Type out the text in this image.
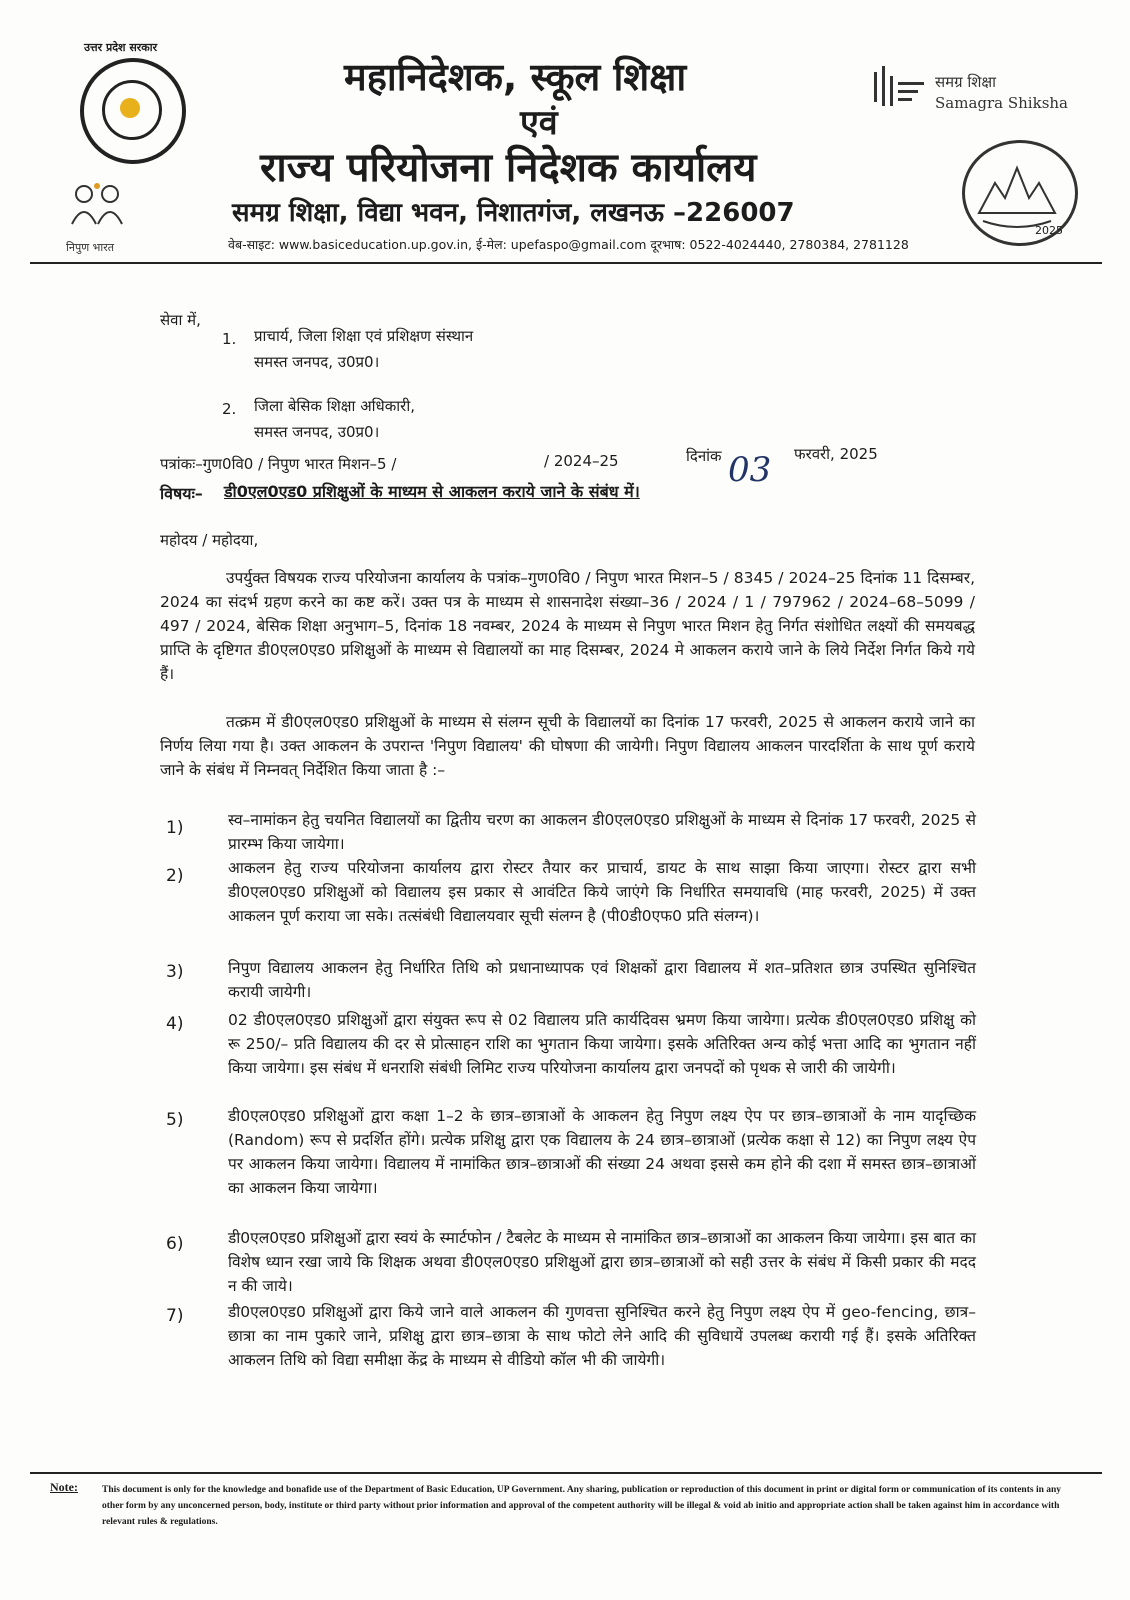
उत्तर प्रदेश सरकार
निपुण भारत
समग्र शिक्षा
Samagra Shiksha
2025
महानिदेशक, स्कूल शिक्षा
एवं
राज्य परियोजना निदेशक कार्यालय
समग्र शिक्षा, विद्या भवन, निशातगंज, लखनऊ –226007
वेब-साइट: www.basiceducation.up.gov.in, ई-मेल: upefaspo@gmail.com दूरभाष: 0522-4024440, 2780384, 2781128
सेवा में,
1. प्राचार्य, जिला शिक्षा एवं प्रशिक्षण संस्थान
समस्त जनपद, उ0प्र0।
2. जिला बेसिक शिक्षा अधिकारी,
समस्त जनपद, उ0प्र0।
पत्रांकः–गुण0वि0 / निपुण भारत मिशन–5 /	/ 2024–25	दिनांक 03 फरवरी, 2025
विषयः– डी0एल0एड0 प्रशिक्षुओं के माध्यम से आकलन कराये जाने के संबंध में।
महोदय / महोदया,
उपर्युक्त विषयक राज्य परियोजना कार्यालय के पत्रांक–गुण0वि0 / निपुण भारत मिशन–5 / 8345 / 2024–25 दिनांक 11 दिसम्बर, 2024 का संदर्भ ग्रहण करने का कष्ट करें। उक्त पत्र के माध्यम से शासनादेश संख्या–36 / 2024 / 1 / 797962 / 2024–68–5099 / 497 / 2024, बेसिक शिक्षा अनुभाग–5, दिनांक 18 नवम्बर, 2024 के माध्यम से निपुण भारत मिशन हेतु निर्गत संशोधित लक्ष्यों की समयबद्ध प्राप्ति के दृष्टिगत डी0एल0एड0 प्रशिक्षुओं के माध्यम से विद्यालयों का माह दिसम्बर, 2024 मे आकलन कराये जाने के लिये निर्देश निर्गत किये गये हैं।
तत्क्रम में डी0एल0एड0 प्रशिक्षुओं के माध्यम से संलग्न सूची के विद्यालयों का दिनांक 17 फरवरी, 2025 से आकलन कराये जाने का निर्णय लिया गया है। उक्त आकलन के उपरान्त 'निपुण विद्यालय' की घोषणा की जायेगी। निपुण विद्यालय आकलन पारदर्शिता के साथ पूर्ण कराये जाने के संबंध में निम्नवत् निर्देशित किया जाता है :–
1)	स्व–नामांकन हेतु चयनित विद्यालयों का द्वितीय चरण का आकलन डी0एल0एड0 प्रशिक्षुओं के माध्यम से दिनांक 17 फरवरी, 2025 से प्रारम्भ किया जायेगा।
2)	आकलन हेतु राज्य परियोजना कार्यालय द्वारा रोस्टर तैयार कर प्राचार्य, डायट के साथ साझा किया जाएगा। रोस्टर द्वारा सभी डी0एल0एड0 प्रशिक्षुओं को विद्यालय इस प्रकार से आवंटित किये जाएंगे कि निर्धारित समयावधि (माह फरवरी, 2025) में उक्त आकलन पूर्ण कराया जा सके। तत्संबंधी विद्यालयवार सूची संलग्न है (पी0डी0एफ0 प्रति संलग्न)।
3)	निपुण विद्यालय आकलन हेतु निर्धारित तिथि को प्रधानाध्यापक एवं शिक्षकों द्वारा विद्यालय में शत–प्रतिशत छात्र उपस्थित सुनिश्चित करायी जायेगी।
4)	02 डी0एल0एड0 प्रशिक्षुओं द्वारा संयुक्त रूप से 02 विद्यालय प्रति कार्यदिवस भ्रमण किया जायेगा। प्रत्येक डी0एल0एड0 प्रशिक्षु को रू 250/– प्रति विद्यालय की दर से प्रोत्साहन राशि का भुगतान किया जायेगा। इसके अतिरिक्त अन्य कोई भत्ता आदि का भुगतान नहीं किया जायेगा। इस संबंध में धनराशि संबंधी लिमिट राज्य परियोजना कार्यालय द्वारा जनपदों को पृथक से जारी की जायेगी।
5)	डी0एल0एड0 प्रशिक्षुओं द्वारा कक्षा 1–2 के छात्र–छात्राओं के आकलन हेतु निपुण लक्ष्य ऐप पर छात्र–छात्राओं के नाम यादृच्छिक (Random) रूप से प्रदर्शित होंगे। प्रत्येक प्रशिक्षु द्वारा एक विद्यालय के 24 छात्र–छात्राओं (प्रत्येक कक्षा से 12) का निपुण लक्ष्य ऐप पर आकलन किया जायेगा। विद्यालय में नामांकित छात्र–छात्राओं की संख्या 24 अथवा इससे कम होने की दशा में समस्त छात्र–छात्राओं का आकलन किया जायेगा।
6)	डी0एल0एड0 प्रशिक्षुओं द्वारा स्वयं के स्मार्टफोन / टैबलेट के माध्यम से नामांकित छात्र–छात्राओं का आकलन किया जायेगा। इस बात का विशेष ध्यान रखा जाये कि शिक्षक अथवा डी0एल0एड0 प्रशिक्षुओं द्वारा छात्र–छात्राओं को सही उत्तर के संबंध में किसी प्रकार की मदद न की जाये।
7)	डी0एल0एड0 प्रशिक्षुओं द्वारा किये जाने वाले आकलन की गुणवत्ता सुनिश्चित करने हेतु निपुण लक्ष्य ऐप में geo-fencing, छात्र–छात्रा का नाम पुकारे जाने, प्रशिक्षु द्वारा छात्र–छात्रा के साथ फोटो लेने आदि की सुविधायें उपलब्ध करायी गई हैं। इसके अतिरिक्त आकलन तिथि को विद्या समीक्षा केंद्र के माध्यम से वीडियो कॉल भी की जायेगी।
Note:	This document is only for the knowledge and bonafide use of the Department of Basic Education, UP Government. Any sharing, publication or reproduction of this document in print or digital form or communication of its contents in any other form by any unconcerned person, body, institute or third party without prior information and approval of the competent authority will be illegal & void ab initio and appropriate action shall be taken against him in accordance with relevant rules & regulations.
